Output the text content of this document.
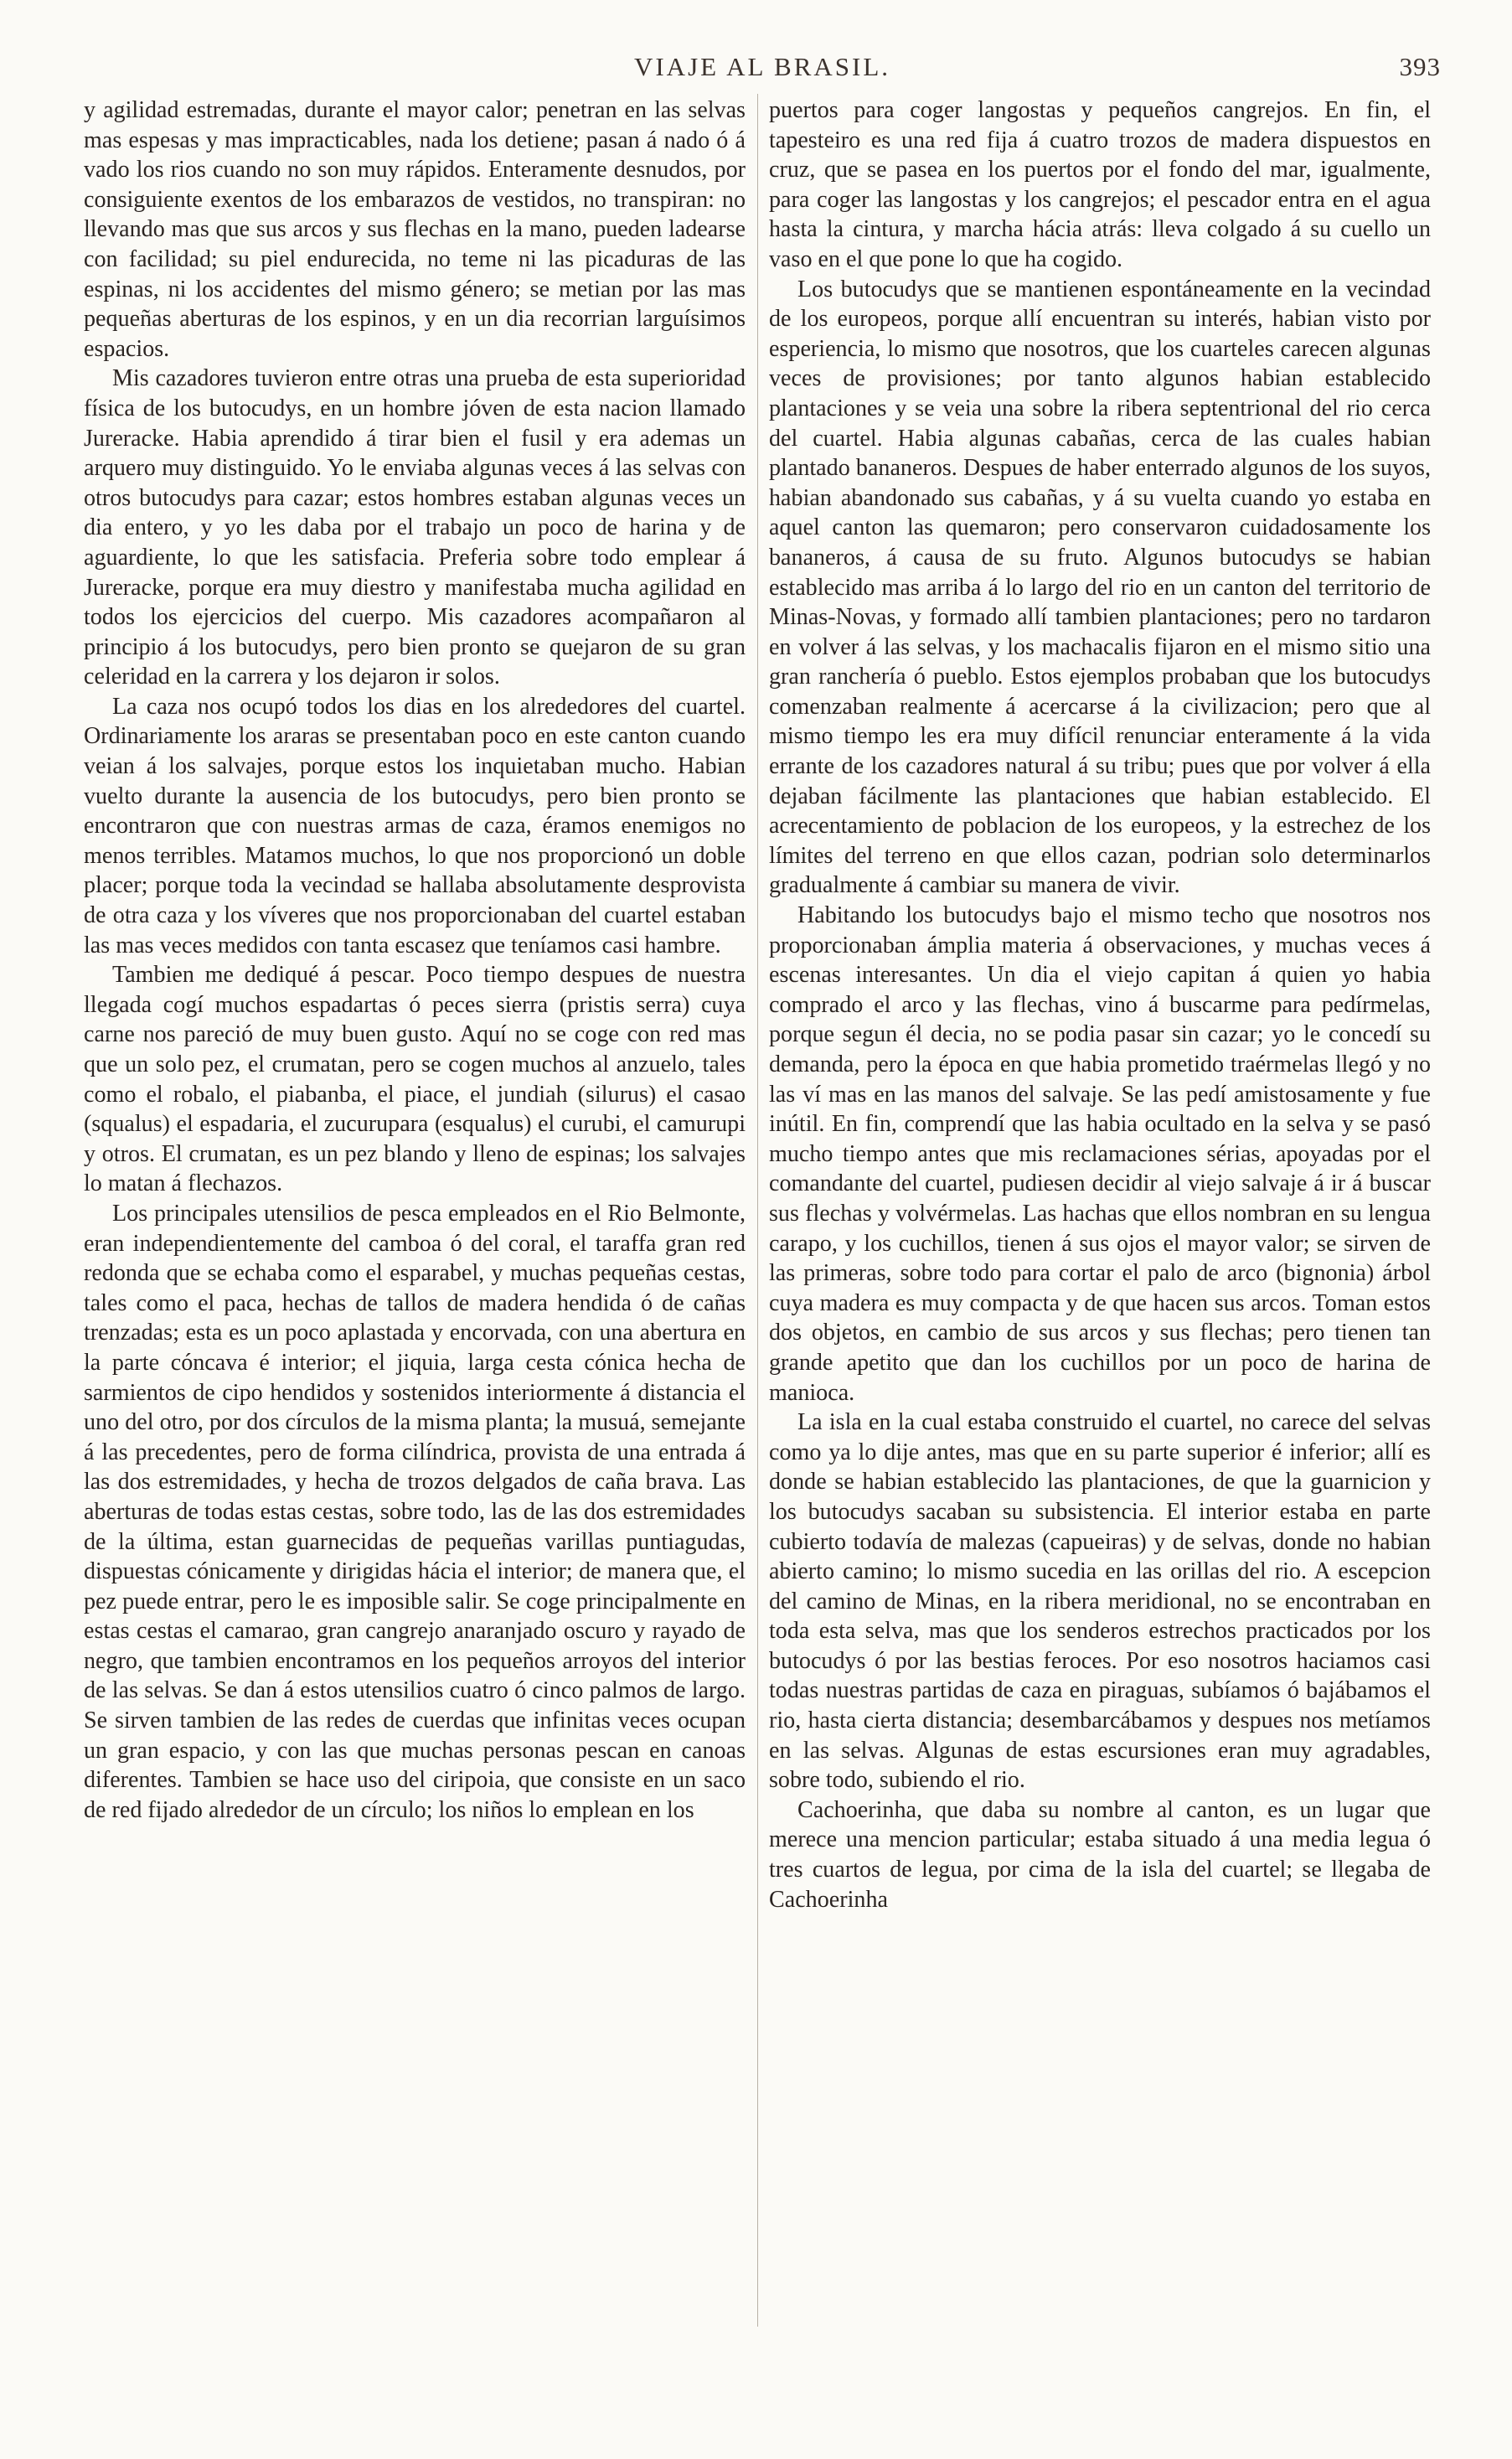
VIAJE AL BRASIL.	393

y agilidad estremadas, durante el mayor calor; penetran en las selvas mas espesas y mas impracticables, nada los detiene; pasan á nado ó á vado los rios cuando no son muy rápidos. Enteramente desnudos, por consiguiente exentos de los embarazos de vestidos, no transpiran: no llevando mas que sus arcos y sus flechas en la mano, pueden ladearse con facilidad; su piel endurecida, no teme ni las picaduras de las espinas, ni los accidentes del mismo género; se metian por las mas pequeñas aberturas de los espinos, y en un dia recorrian larguísimos espacios.

Mis cazadores tuvieron entre otras una prueba de esta superioridad física de los butocudys, en un hombre jóven de esta nacion llamado Jureracke. Habia aprendido á tirar bien el fusil y era ademas un arquero muy distinguido. Yo le enviaba algunas veces á las selvas con otros butocudys para cazar; estos hombres estaban algunas veces un dia entero, y yo les daba por el trabajo un poco de harina y de aguardiente, lo que les satisfacia. Preferia sobre todo emplear á Jureracke, porque era muy diestro y manifestaba mucha agilidad en todos los ejercicios del cuerpo. Mis cazadores acompañaron al principio á los butocudys, pero bien pronto se quejaron de su gran celeridad en la carrera y los dejaron ir solos.

La caza nos ocupó todos los dias en los alrededores del cuartel. Ordinariamente los araras se presentaban poco en este canton cuando veian á los salvajes, porque estos los inquietaban mucho. Habian vuelto durante la ausencia de los butocudys, pero bien pronto se encontraron que con nuestras armas de caza, éramos enemigos no menos terribles. Matamos muchos, lo que nos proporcionó un doble placer; porque toda la vecindad se hallaba absolutamente desprovista de otra caza y los víveres que nos proporcionaban del cuartel estaban las mas veces medidos con tanta escasez que teníamos casi hambre.

Tambien me dediqué á pescar. Poco tiempo despues de nuestra llegada cogí muchos espadartas ó peces sierra (pristis serra) cuya carne nos pareció de muy buen gusto. Aquí no se coge con red mas que un solo pez, el crumatan, pero se cogen muchos al anzuelo, tales como el robalo, el piabanba, el piace, el jundiah (silurus) el casao (squalus) el espadaria, el zucurupara (esqualus) el curubi, el camurupi y otros. El crumatan, es un pez blando y lleno de espinas; los salvajes lo matan á flechazos.

Los principales utensilios de pesca empleados en el Rio Belmonte, eran independientemente del camboa ó del coral, el taraffa gran red redonda que se echaba como el esparabel, y muchas pequeñas cestas, tales como el paca, hechas de tallos de madera hendida ó de cañas trenzadas; esta es un poco aplastada y encorvada, con una abertura en la parte cóncava é interior; el jiquia, larga cesta cónica hecha de sarmientos de cipo hendidos y sostenidos interiormente á distancia el uno del otro, por dos círculos de la misma planta; la musuá, semejante á las precedentes, pero de forma cilíndrica, provista de una entrada á las dos estremidades, y hecha de trozos delgados de caña brava. Las aberturas de todas estas cestas, sobre todo, las de las dos estremidades de la última, estan guarnecidas de pequeñas varillas puntiagudas, dispuestas cónicamente y dirigidas hácia el interior; de manera que, el pez puede entrar, pero le es imposible salir. Se coge principalmente en estas cestas el camarao, gran cangrejo anaranjado oscuro y rayado de negro, que tambien encontramos en los pequeños arroyos del interior de las selvas. Se dan á estos utensilios cuatro ó cinco palmos de largo. Se sirven tambien de las redes de cuerdas que infinitas veces ocupan un gran espacio, y con las que muchas personas pescan en canoas diferentes. Tambien se hace uso del ciripoia, que consiste en un saco de red fijado alrededor de un círculo; los niños lo emplean en los

puertos para coger langostas y pequeños cangrejos. En fin, el tapesteiro es una red fija á cuatro trozos de madera dispuestos en cruz, que se pasea en los puertos por el fondo del mar, igualmente, para coger las langostas y los cangrejos; el pescador entra en el agua hasta la cintura, y marcha hácia atrás: lleva colgado á su cuello un vaso en el que pone lo que ha cogido.

Los butocudys que se mantienen espontáneamente en la vecindad de los europeos, porque allí encuentran su interés, habian visto por esperiencia, lo mismo que nosotros, que los cuarteles carecen algunas veces de provisiones; por tanto algunos habian establecido plantaciones y se veia una sobre la ribera septentrional del rio cerca del cuartel. Habia algunas cabañas, cerca de las cuales habian plantado bananeros. Despues de haber enterrado algunos de los suyos, habian abandonado sus cabañas, y á su vuelta cuando yo estaba en aquel canton las quemaron; pero conservaron cuidadosamente los bananeros, á causa de su fruto. Algunos butocudys se habian establecido mas arriba á lo largo del rio en un canton del territorio de Minas-Novas, y formado allí tambien plantaciones; pero no tardaron en volver á las selvas, y los machacalis fijaron en el mismo sitio una gran ranchería ó pueblo. Estos ejemplos probaban que los butocudys comenzaban realmente á acercarse á la civilizacion; pero que al mismo tiempo les era muy difícil renunciar enteramente á la vida errante de los cazadores natural á su tribu; pues que por volver á ella dejaban fácilmente las plantaciones que habian establecido. El acrecentamiento de poblacion de los europeos, y la estrechez de los límites del terreno en que ellos cazan, podrian solo determinarlos gradualmente á cambiar su manera de vivir.

Habitando los butocudys bajo el mismo techo que nosotros nos proporcionaban ámplia materia á observaciones, y muchas veces á escenas interesantes. Un dia el viejo capitan á quien yo habia comprado el arco y las flechas, vino á buscarme para pedírmelas, porque segun él decia, no se podia pasar sin cazar; yo le concedí su demanda, pero la época en que habia prometido traérmelas llegó y no las ví mas en las manos del salvaje. Se las pedí amistosamente y fue inútil. En fin, comprendí que las habia ocultado en la selva y se pasó mucho tiempo antes que mis reclamaciones sérias, apoyadas por el comandante del cuartel, pudiesen decidir al viejo salvaje á ir á buscar sus flechas y volvérmelas. Las hachas que ellos nombran en su lengua carapo, y los cuchillos, tienen á sus ojos el mayor valor; se sirven de las primeras, sobre todo para cortar el palo de arco (bignonia) árbol cuya madera es muy compacta y de que hacen sus arcos. Toman estos dos objetos, en cambio de sus arcos y sus flechas; pero tienen tan grande apetito que dan los cuchillos por un poco de harina de manioca.

La isla en la cual estaba construido el cuartel, no carece del selvas como ya lo dije antes, mas que en su parte superior é inferior; allí es donde se habian establecido las plantaciones, de que la guarnicion y los butocudys sacaban su subsistencia. El interior estaba en parte cubierto todavía de malezas (capueiras) y de selvas, donde no habian abierto camino; lo mismo sucedia en las orillas del rio. A escepcion del camino de Minas, en la ribera meridional, no se encontraban en toda esta selva, mas que los senderos estrechos practicados por los butocudys ó por las bestias feroces. Por eso nosotros haciamos casi todas nuestras partidas de caza en piraguas, subíamos ó bajábamos el rio, hasta cierta distancia; desembarcábamos y despues nos metíamos en las selvas. Algunas de estas escursiones eran muy agradables, sobre todo, subiendo el rio.

Cachoerinha, que daba su nombre al canton, es un lugar que merece una mencion particular; estaba situado á una media legua ó tres cuartos de legua, por cima de la isla del cuartel; se llegaba de Cachoerinha
